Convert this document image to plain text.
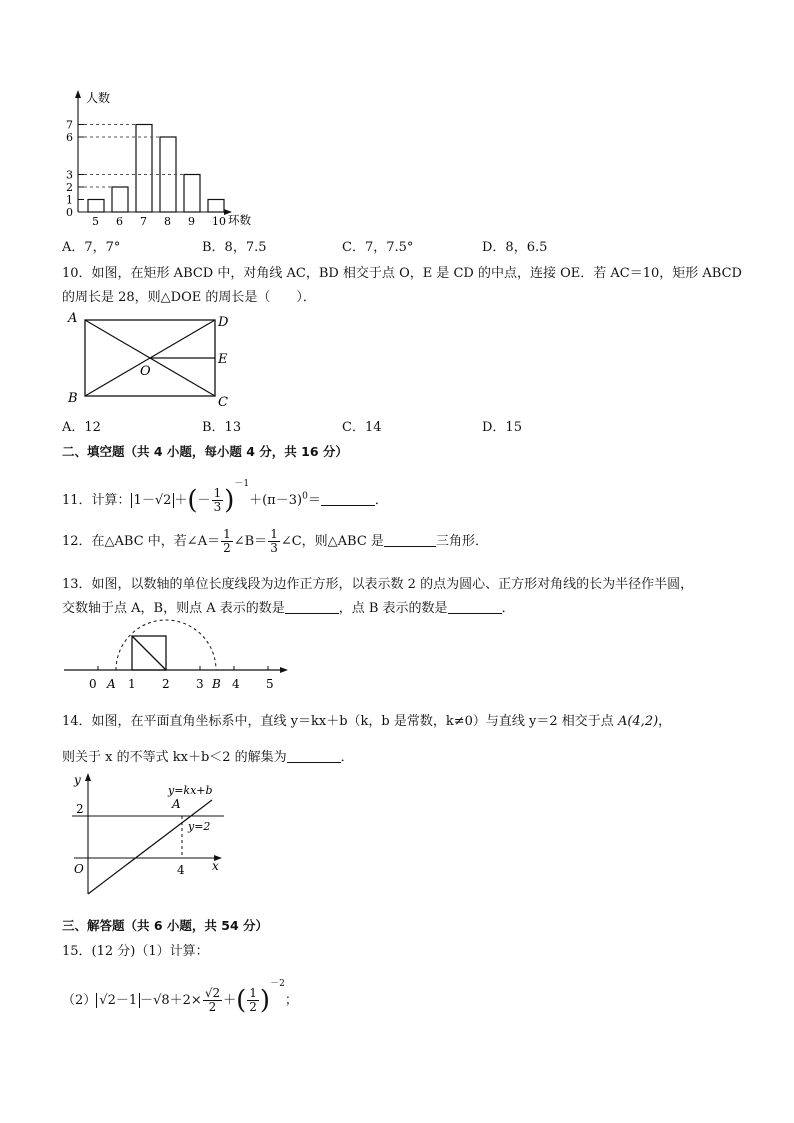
5 6 7 8 9 10
0
1
2
3
6
7
人数
环数
A．7，7°	B．8，7.5	C．7，7.5°	D．8，6.5
10．如图，在矩形 ABCD 中，对角线 AC，BD 相交于点 O，E 是 CD 的中点，连接 OE．若 AC＝10，矩形 ABCD
的周长是 28，则△DOE 的周长是（　　）．
A	D
E
B	C
O
A．12	B．13	C．14	D．15
二、填空题（共 4 小题，每小题 4 分，共 16 分）
11．计算： 1－√2 ＋(－ $\frac{1}{3} )^{-1}+(\pi-3)^0=$	．
12．在△ABC 中，若∠A＝ $\frac{1}{2}$ ∠B＝ $\frac{1}{3}$ ∠C，则△ABC 是	三角形．
13．如图，以数轴的单位长度线段为边作正方形，以表示数 2 的点为圆心、正方形对角线的长为半径作半圆，
交数轴于点 A，B，则点 A 表示的数是	，点 B 表示的数是	．
0 A 1 2 3 B 4 5
14．如图，在平面直角坐标系中，直线 y＝kx＋b（k，b 是常数，k≠0）与直线 y＝2 相交于点 A(4,2)，
则关于 x 的不等式 kx＋b＜2 的解集为	．
y
2
O	4 x
A
y=kx+b
y=2
三、解答题（共 6 小题，共 54 分）
15．(12 分)（1）计算：
（2） $√2-1 -√8+2\times \frac{√2}{2}$ ＋( $\frac{1}{2} )^{-2}$；
